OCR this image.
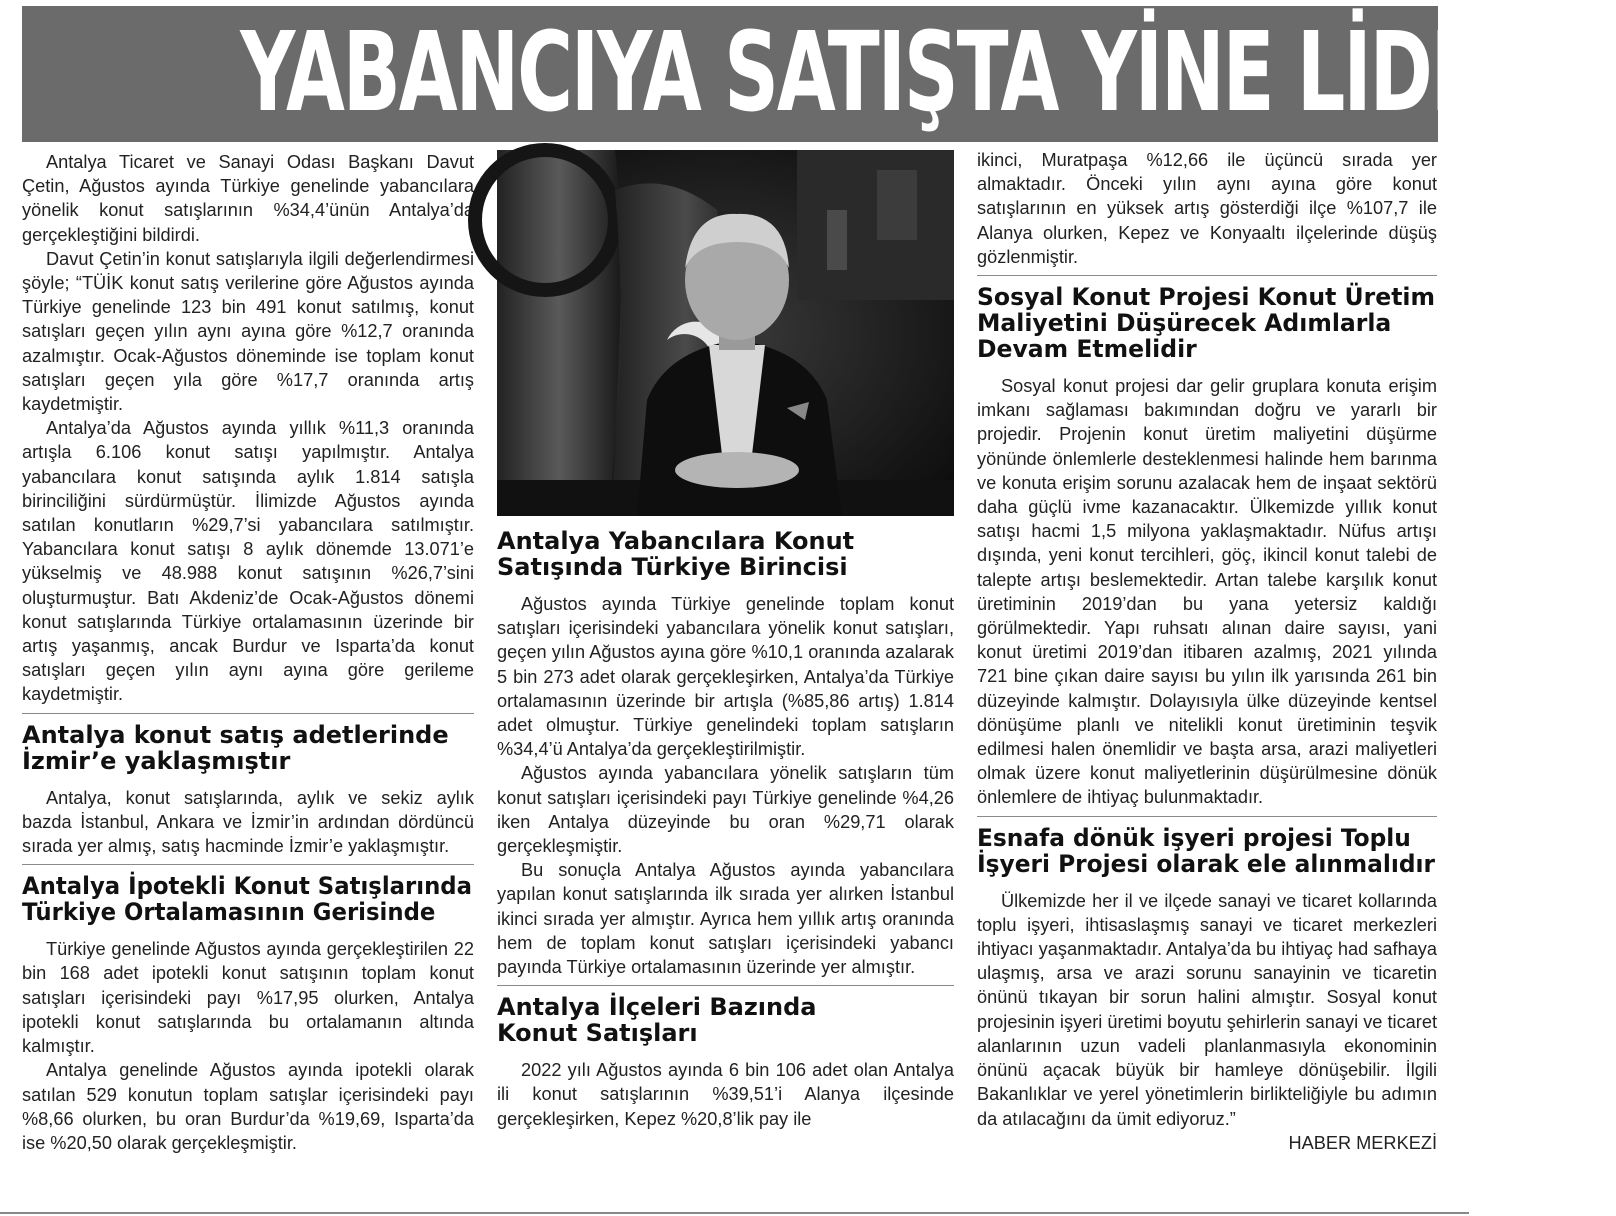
YABANCIYA SATIŞTA YİNE LİDERİZ

Antalya Ticaret ve Sanayi Odası Başkanı Davut Çetin, Ağustos ayında Türkiye genelinde yabancılara yönelik konut satışlarının %34,4’ünün Antalya’da gerçekleştiğini bildirdi.

Davut Çetin’in konut satışlarıyla ilgili değerlendirmesi şöyle; “TÜİK konut satış verilerine göre Ağustos ayında Türkiye genelinde 123 bin 491 konut satılmış, konut satışları geçen yılın aynı ayına göre %12,7 oranında azalmıştır. Ocak-Ağustos döneminde ise toplam konut satışları geçen yıla göre %17,7 oranında artış kaydetmiştir.

Antalya’da Ağustos ayında yıllık %11,3 oranında artışla 6.106 konut satışı yapılmıştır. Antalya yabancılara konut satışında aylık 1.814 satışla birinciliğini sürdürmüştür. İlimizde Ağustos ayında satılan konutların %29,7’si yabancılara satılmıştır. Yabancılara konut satışı 8 aylık dönemde 13.071’e yükselmiş ve 48.988 konut satışının %26,7’sini oluşturmuştur. Batı Akdeniz’de Ocak-Ağustos dönemi konut satışlarında Türkiye ortalamasının üzerinde bir artış yaşanmış, ancak Burdur ve Isparta’da konut satışları geçen yılın aynı ayına göre gerileme kaydetmiştir.

Antalya konut satış adetlerinde
İzmir’e yaklaşmıştır

Antalya, konut satışlarında, aylık ve sekiz aylık bazda İstanbul, Ankara ve İzmir’in ardından dördüncü sırada yer almış, satış hacminde İzmir’e yaklaşmıştır.

Antalya İpotekli Konut Satışlarında
Türkiye Ortalamasının Gerisinde

Türkiye genelinde Ağustos ayında gerçekleştirilen 22 bin 168 adet ipotekli konut satışının toplam konut satışları içerisindeki payı %17,95 olurken, Antalya ipotekli konut satışlarında bu ortalamanın altında kalmıştır.

Antalya genelinde Ağustos ayında ipotekli olarak satılan 529 konutun toplam satışlar içerisindeki payı %8,66 olurken, bu oran Burdur’da %19,69, Isparta’da ise %20,50 olarak gerçekleşmiştir.

Antalya Yabancılara Konut
Satışında Türkiye Birincisi

Ağustos ayında Türkiye genelinde toplam konut satışları içerisindeki yabancılara yönelik konut satışları, geçen yılın Ağustos ayına göre %10,1 oranında azalarak 5 bin 273 adet olarak gerçekleşirken, Antalya’da Türkiye ortalamasının üzerinde bir artışla (%85,86 artış) 1.814 adet olmuştur. Türkiye genelindeki toplam satışların %34,4’ü Antalya’da gerçekleştirilmiştir.

Ağustos ayında yabancılara yönelik satışların tüm konut satışları içerisindeki payı Türkiye genelinde %4,26 iken Antalya düzeyinde bu oran %29,71 olarak gerçekleşmiştir.

Bu sonuçla Antalya Ağustos ayında yabancılara yapılan konut satışlarında ilk sırada yer alırken İstanbul ikinci sırada yer almıştır. Ayrıca hem yıllık artış oranında hem de toplam konut satışları içerisindeki yabancı payında Türkiye ortalamasının üzerinde yer almıştır.

Antalya İlçeleri Bazında
Konut Satışları

2022 yılı Ağustos ayında 6 bin 106 adet olan Antalya ili konut satışlarının %39,51’i Alanya ilçesinde gerçekleşirken, Kepez %20,8’lik pay ile

ikinci, Muratpaşa %12,66 ile üçüncü sırada yer almaktadır. Önceki yılın aynı ayına göre konut satışlarının en yüksek artış gösterdiği ilçe %107,7 ile Alanya olurken, Kepez ve Konyaaltı ilçelerinde düşüş gözlenmiştir.

Sosyal Konut Projesi Konut Üretim
Maliyetini Düşürecek Adımlarla
Devam Etmelidir

Sosyal konut projesi dar gelir gruplara konuta erişim imkanı sağlaması bakımından doğru ve yararlı bir projedir. Projenin konut üretim maliyetini düşürme yönünde önlemlerle desteklenmesi halinde hem barınma ve konuta erişim sorunu azalacak hem de inşaat sektörü daha güçlü ivme kazanacaktır. Ülkemizde yıllık konut satışı hacmi 1,5 milyona yaklaşmaktadır. Nüfus artışı dışında, yeni konut tercihleri, göç, ikincil konut talebi de talepte artışı beslemektedir. Artan talebe karşılık konut üretiminin 2019’dan bu yana yetersiz kaldığı görülmektedir. Yapı ruhsatı alınan daire sayısı, yani konut üretimi 2019’dan itibaren azalmış, 2021 yılında 721 bine çıkan daire sayısı bu yılın ilk yarısında 261 bin düzeyinde kalmıştır. Dolayısıyla ülke düzeyinde kentsel dönüşüme planlı ve nitelikli konut üretiminin teşvik edilmesi halen önemlidir ve başta arsa, arazi maliyetleri olmak üzere konut maliyetlerinin düşürülmesine dönük önlemlere de ihtiyaç bulunmaktadır.

Esnafa dönük işyeri projesi Toplu
İşyeri Projesi olarak ele alınmalıdır

Ülkemizde her il ve ilçede sanayi ve ticaret kollarında toplu işyeri, ihtisaslaşmış sanayi ve ticaret merkezleri ihtiyacı yaşanmaktadır. Antalya’da bu ihtiyaç had safhaya ulaşmış, arsa ve arazi sorunu sanayinin ve ticaretin önünü tıkayan bir sorun halini almıştır. Sosyal konut projesinin işyeri üretimi boyutu şehirlerin sanayi ve ticaret alanlarının uzun vadeli planlanmasıyla ekonominin önünü açacak büyük bir hamleye dönüşebilir. İlgili Bakanlıklar ve yerel yönetimlerin birlikteliğiyle bu adımın da atılacağını da ümit ediyoruz.”

HABER MERKEZİ
